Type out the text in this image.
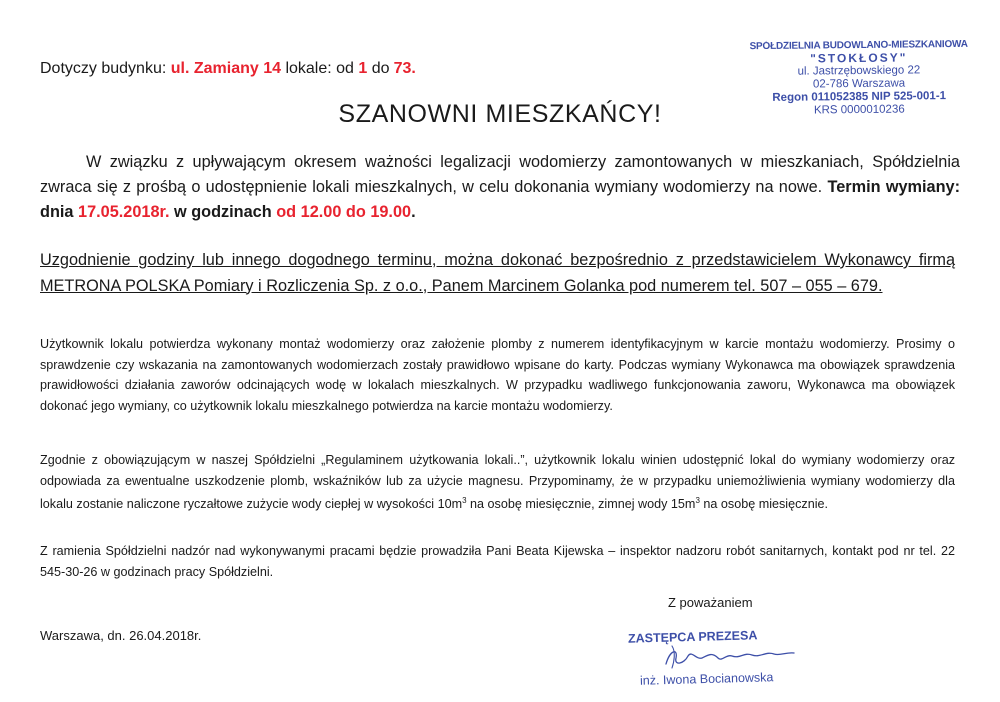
Dotyczy budynku: ul. Zamiany 14 lokale: od 1 do 73.
SPÓŁDZIELNIA BUDOWLANO-MIESZKANIOWA
"STOKŁOSY"
ul. Jastrzębowskiego 22
02-786 Warszawa
Regon 011052385 NIP 525-001-1
KRS 0000010236
SZANOWNI MIESZKAŃCY!
W związku z upływającym okresem ważności legalizacji wodomierzy zamontowanych w mieszkaniach, Spółdzielnia zwraca się z prośbą o udostępnienie lokali mieszkalnych, w celu dokonania wymiany wodomierzy na nowe. Termin wymiany: dnia 17.05.2018r. w godzinach od 12.00 do 19.00.
Uzgodnienie godziny lub innego dogodnego terminu, można dokonać bezpośrednio z przedstawicielem Wykonawcy firmą METRONA POLSKA Pomiary i Rozliczenia Sp. z o.o., Panem Marcinem Golanka pod numerem tel. 507 – 055 – 679.
Użytkownik lokalu potwierdza wykonany montaż wodomierzy oraz założenie plomby z numerem identyfikacyjnym w karcie montażu wodomierzy. Prosimy o sprawdzenie czy wskazania na zamontowanych wodomierzach zostały prawidłowo wpisane do karty. Podczas wymiany Wykonawca ma obowiązek sprawdzenia prawidłowości działania zaworów odcinających wodę w lokalach mieszkalnych. W przypadku wadliwego funkcjonowania zaworu, Wykonawca ma obowiązek dokonać jego wymiany, co użytkownik lokalu mieszkalnego potwierdza na karcie montażu wodomierzy.
Zgodnie z obowiązującym w naszej Spółdzielni „Regulaminem użytkowania lokali..”, użytkownik lokalu winien udostępnić lokal do wymiany wodomierzy oraz odpowiada za ewentualne uszkodzenie plomb, wskaźników lub za użycie magnesu. Przypominamy, że w przypadku uniemożliwienia wymiany wodomierzy dla lokalu zostanie naliczone ryczałtowe zużycie wody ciepłej w wysokości $10m^3$ na osobę miesięcznie, zimnej wody $15m^3$ na osobę miesięcznie.
Z ramienia Spółdzielni nadzór nad wykonywanymi pracami będzie prowadziła Pani Beata Kijewska – inspektor nadzoru robót sanitarnych, kontakt pod nr tel. 22 545-30-26 w godzinach pracy Spółdzielni.
Z poważaniem
Warszawa, dn. 26.04.2018r.	ZASTĘPCA PREZESA
inż. Iwona Bocianowska
